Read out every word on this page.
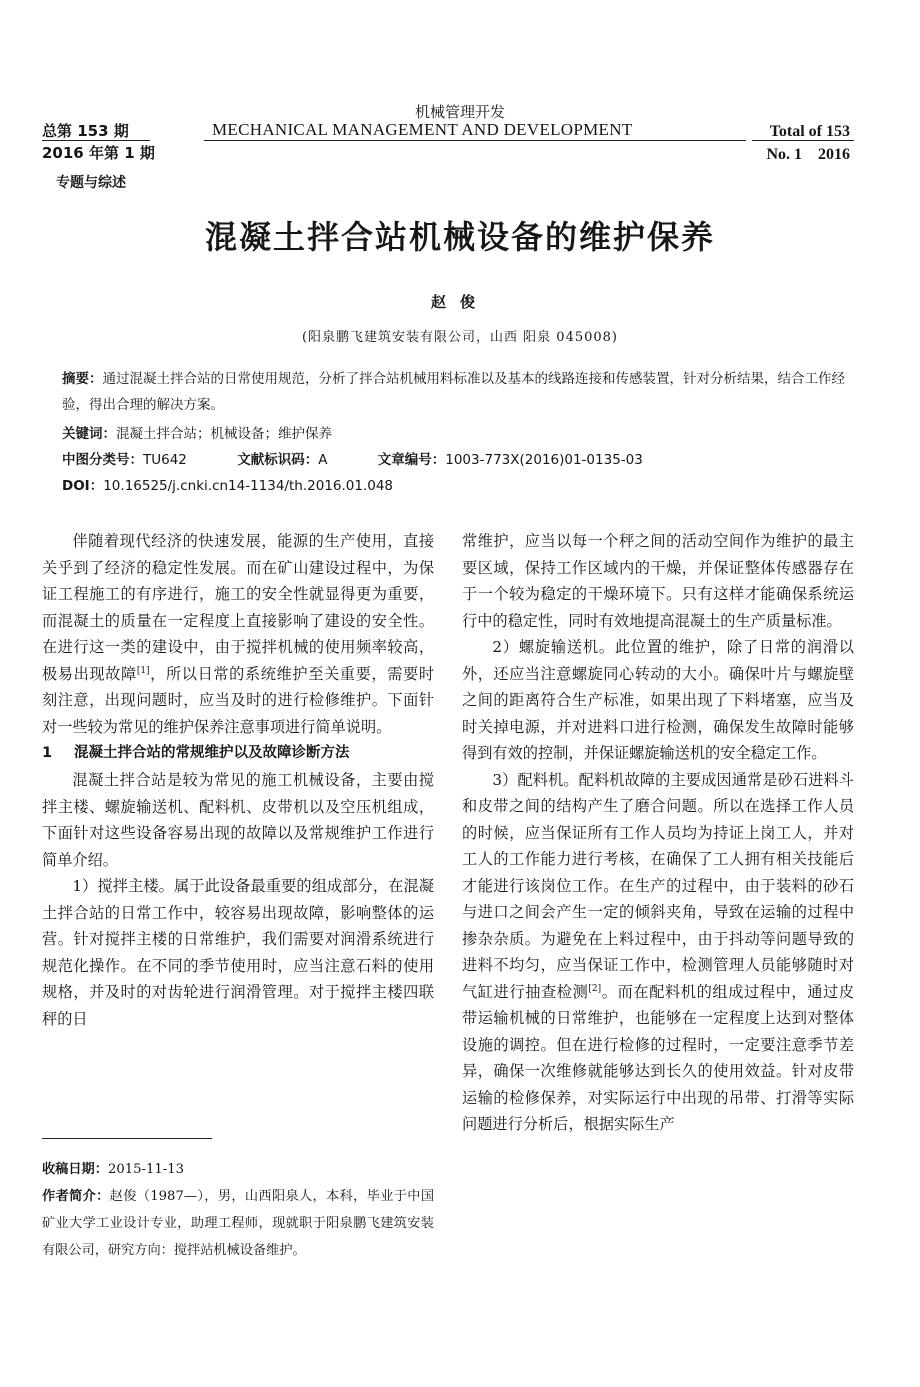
总第 153 期
2016 年第 1 期
机械管理开发
MECHANICAL MANAGEMENT AND DEVELOPMENT	Total of 153
No. 1    2016
专题与综述
混凝土拌合站机械设备的维护保养
赵俊
(阳泉鹏飞建筑安装有限公司，山西 阳泉 045008)
摘要：通过混凝土拌合站的日常使用规范，分析了拌合站机械用料标准以及基本的线路连接和传感装置，针对分析结果，结合工作经验，得出合理的解决方案。
关键词：混凝土拌合站；机械设备；维护保养
中图分类号：TU642	文献标识码：A	文章编号：1003-773X(2016)01-0135-03
DOI：10.16525/j.cnki.cn14-1134/th.2016.01.048

伴随着现代经济的快速发展，能源的生产使用，直接关乎到了经济的稳定性发展。而在矿山建设过程中，为保证工程施工的有序进行，施工的安全性就显得更为重要，而混凝土的质量在一定程度上直接影响了建设的安全性。在进行这一类的建设中，由于搅拌机械的使用频率较高，极易出现故障[1]，所以日常的系统维护至关重要，需要时刻注意，出现问题时，应当及时的进行检修维护。下面针对一些较为常见的维护保养注意事项进行简单说明。

1 混凝土拌合站的常规维护以及故障诊断方法

混凝土拌合站是较为常见的施工机械设备，主要由搅拌主楼、螺旋输送机、配料机、皮带机以及空压机组成，下面针对这些设备容易出现的故障以及常规维护工作进行简单介绍。

1）搅拌主楼。属于此设备最重要的组成部分，在混凝土拌合站的日常工作中，较容易出现故障，影响整体的运营。针对搅拌主楼的日常维护，我们需要对润滑系统进行规范化操作。在不同的季节使用时，应当注意石料的使用规格，并及时的对齿轮进行润滑管理。对于搅拌主楼四联秤的日

常维护，应当以每一个秤之间的活动空间作为维护的最主要区域，保持工作区域内的干燥，并保证整体传感器存在于一个较为稳定的干燥环境下。只有这样才能确保系统运行中的稳定性，同时有效地提高混凝土的生产质量标准。

2）螺旋输送机。此位置的维护，除了日常的润滑以外，还应当注意螺旋同心转动的大小。确保叶片与螺旋壁之间的距离符合生产标准，如果出现了下料堵塞，应当及时关掉电源，并对进料口进行检测，确保发生故障时能够得到有效的控制，并保证螺旋输送机的安全稳定工作。

3）配料机。配料机故障的主要成因通常是砂石进料斗和皮带之间的结构产生了磨合问题。所以在选择工作人员的时候，应当保证所有工作人员均为持证上岗工人，并对工人的工作能力进行考核，在确保了工人拥有相关技能后才能进行该岗位工作。在生产的过程中，由于装料的砂石与进口之间会产生一定的倾斜夹角，导致在运输的过程中掺杂杂质。为避免在上料过程中，由于抖动等问题导致的进料不均匀，应当保证工作中，检测管理人员能够随时对气缸进行抽查检测[2]。而在配料机的组成过程中，通过皮带运输机械的日常维护，也能够在一定程度上达到对整体设施的调控。但在进行检修的过程时，一定要注意季节差异，确保一次维修就能够达到长久的使用效益。针对皮带运输的检修保养，对实际运行中出现的吊带、打滑等实际问题进行分析后，根据实际生产

收稿日期：2015-11-13

作者简介：赵俊（1987—），男，山西阳泉人，本科，毕业于中国矿业大学工业设计专业，助理工程师，现就职于阳泉鹏飞建筑安装有限公司，研究方向：搅拌站机械设备维护。
